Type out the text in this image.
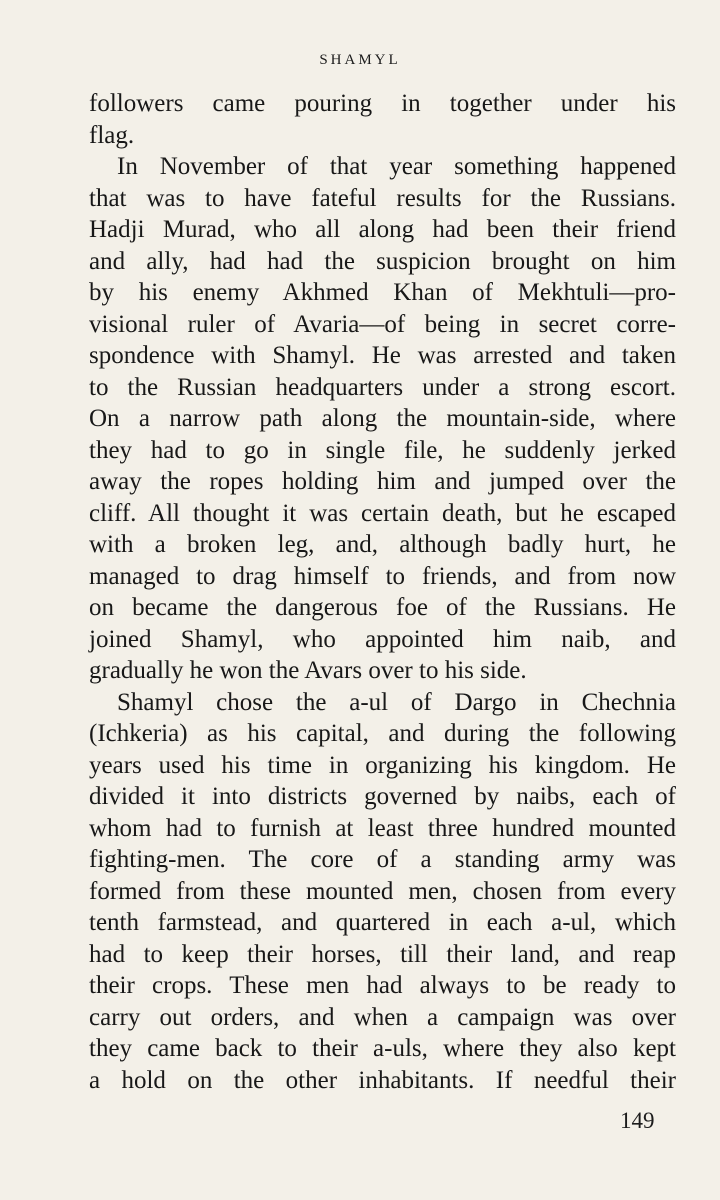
SHAMYL
followers came pouring in together under his
flag.
In November of that year something happened
that was to have fateful results for the Russians.
Hadji Murad, who all along had been their friend
and ally, had had the suspicion brought on him
by his enemy Akhmed Khan of Mekhtuli—pro-
visional ruler of Avaria—of being in secret corre-
spondence with Shamyl. He was arrested and taken
to the Russian headquarters under a strong escort.
On a narrow path along the mountain-side, where
they had to go in single file, he suddenly jerked
away the ropes holding him and jumped over the
cliff. All thought it was certain death, but he escaped
with a broken leg, and, although badly hurt, he
managed to drag himself to friends, and from now
on became the dangerous foe of the Russians. He
joined Shamyl, who appointed him naib, and
gradually he won the Avars over to his side.
Shamyl chose the a-ul of Dargo in Chechnia
(Ichkeria) as his capital, and during the following
years used his time in organizing his kingdom. He
divided it into districts governed by naibs, each of
whom had to furnish at least three hundred mounted
fighting-men. The core of a standing army was
formed from these mounted men, chosen from every
tenth farmstead, and quartered in each a-ul, which
had to keep their horses, till their land, and reap
their crops. These men had always to be ready to
carry out orders, and when a campaign was over
they came back to their a-uls, where they also kept
a hold on the other inhabitants. If needful their
149
